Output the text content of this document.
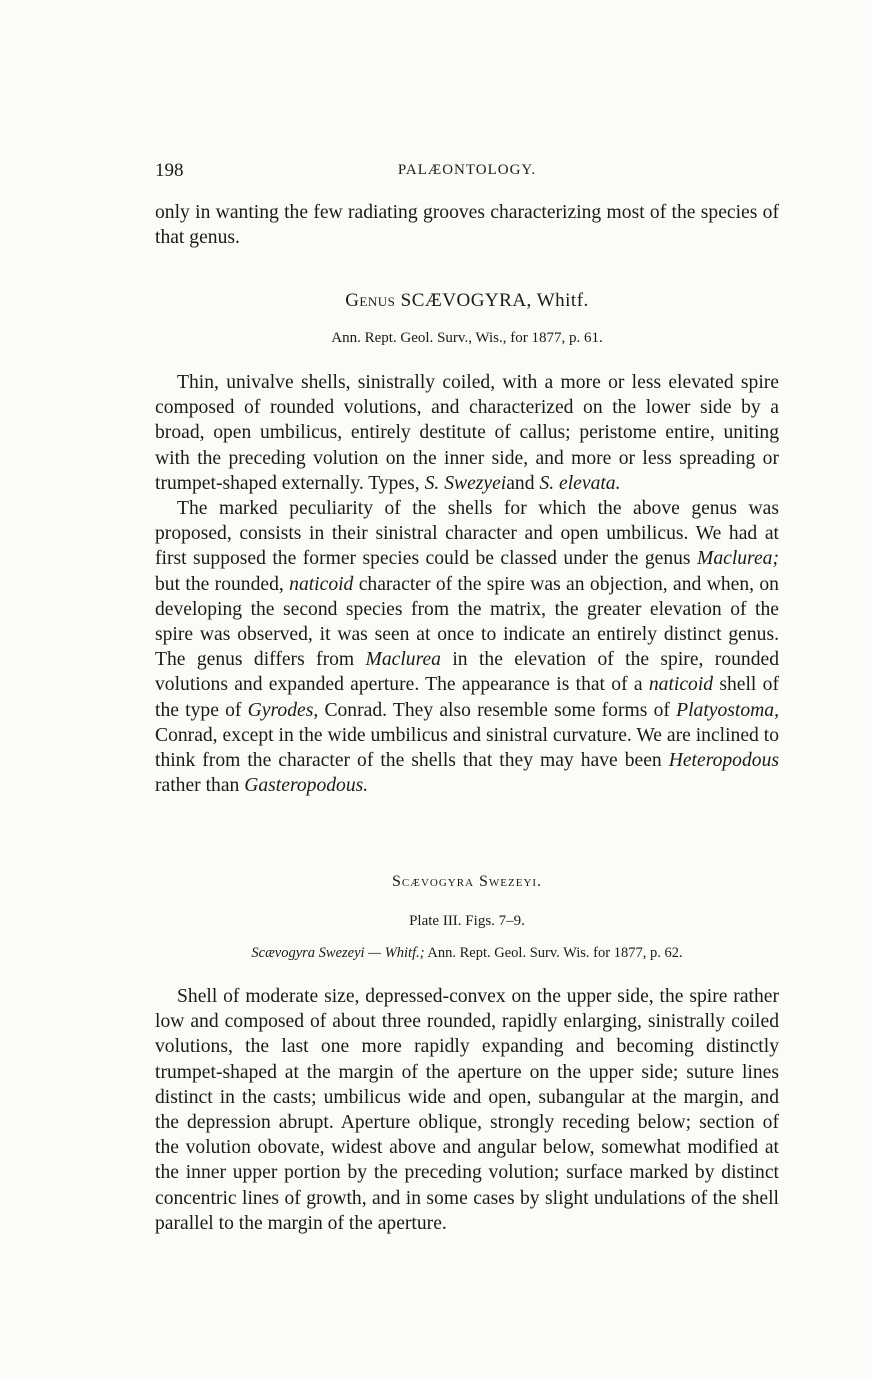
198	PALÆONTOLOGY.

only in wanting the few radiating grooves characterizing most of the species of that genus.

Genus SCÆVOGYRA, Whitf.
Ann. Rept. Geol. Surv., Wis., for 1877, p. 61.

Thin, univalve shells, sinistrally coiled, with a more or less elevated spire composed of rounded volutions, and characterized on the lower side by a broad, open umbilicus, entirely destitute of callus; peristome entire, uniting with the preceding volution on the inner side, and more or less spreading or trumpet-shaped externally. Types, S. Swezyeiand S. elevata.

The marked peculiarity of the shells for which the above genus was proposed, consists in their sinistral character and open umbilicus. We had at first supposed the former species could be classed under the genus Maclurea; but the rounded, naticoid character of the spire was an objection, and when, on developing the second species from the matrix, the greater elevation of the spire was observed, it was seen at once to indicate an entirely distinct genus. The genus differs from Maclurea in the elevation of the spire, rounded volutions and expanded aperture. The appearance is that of a naticoid shell of the type of Gyrodes, Conrad. They also resemble some forms of Platyostoma, Conrad, except in the wide umbilicus and sinistral curvature. We are inclined to think from the character of the shells that they may have been Heteropodous rather than Gasteropodous.

Scævogyra Swezeyi.
Plate III. Figs. 7–9.
Scævogyra Swezeyi — Whitf.; Ann. Rept. Geol. Surv. Wis. for 1877, p. 62.

Shell of moderate size, depressed-convex on the upper side, the spire rather low and composed of about three rounded, rapidly enlarging, sinistrally coiled volutions, the last one more rapidly expanding and becoming distinctly trumpet-shaped at the margin of the aperture on the upper side; suture lines distinct in the casts; umbilicus wide and open, subangular at the margin, and the depression abrupt. Aperture oblique, strongly receding below; section of the volution obovate, widest above and angular below, somewhat modified at the inner upper portion by the preceding volution; surface marked by distinct concentric lines of growth, and in some cases by slight undulations of the shell parallel to the margin of the aperture.
